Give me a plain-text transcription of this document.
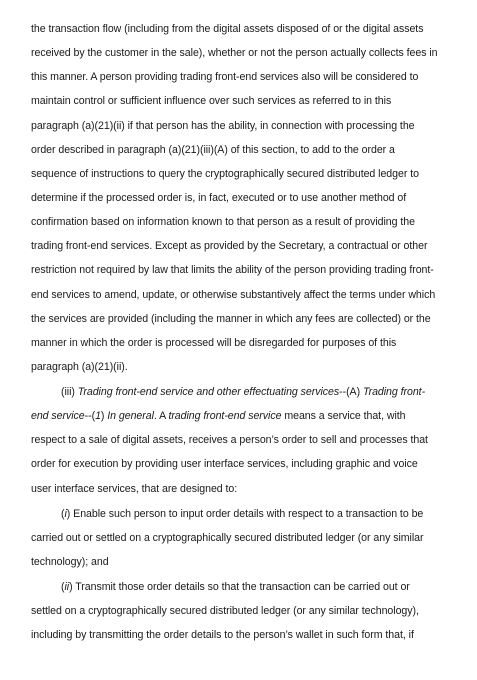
the transaction flow (including from the digital assets disposed of or the digital assets
received by the customer in the sale), whether or not the person actually collects fees in
this manner. A person providing trading front-end services also will be considered to
maintain control or sufficient influence over such services as referred to in this
paragraph (a)(21)(ii) if that person has the ability, in connection with processing the
order described in paragraph (a)(21)(iii)(A) of this section, to add to the order a
sequence of instructions to query the cryptographically secured distributed ledger to
determine if the processed order is, in fact, executed or to use another method of
confirmation based on information known to that person as a result of providing the
trading front-end services. Except as provided by the Secretary, a contractual or other
restriction not required by law that limits the ability of the person providing trading front-
end services to amend, update, or otherwise substantively affect the terms under which
the services are provided (including the manner in which any fees are collected) or the
manner in which the order is processed will be disregarded for purposes of this
paragraph (a)(21)(ii).
(iii) Trading front-end service and other effectuating services--(A) Trading front-
end service--(1) In general. A trading front-end service means a service that, with
respect to a sale of digital assets, receives a person’s order to sell and processes that
order for execution by providing user interface services, including graphic and voice
user interface services, that are designed to:
(i) Enable such person to input order details with respect to a transaction to be
carried out or settled on a cryptographically secured distributed ledger (or any similar
technology); and
(ii) Transmit those order details so that the transaction can be carried out or
settled on a cryptographically secured distributed ledger (or any similar technology),
including by transmitting the order details to the person’s wallet in such form that, if
